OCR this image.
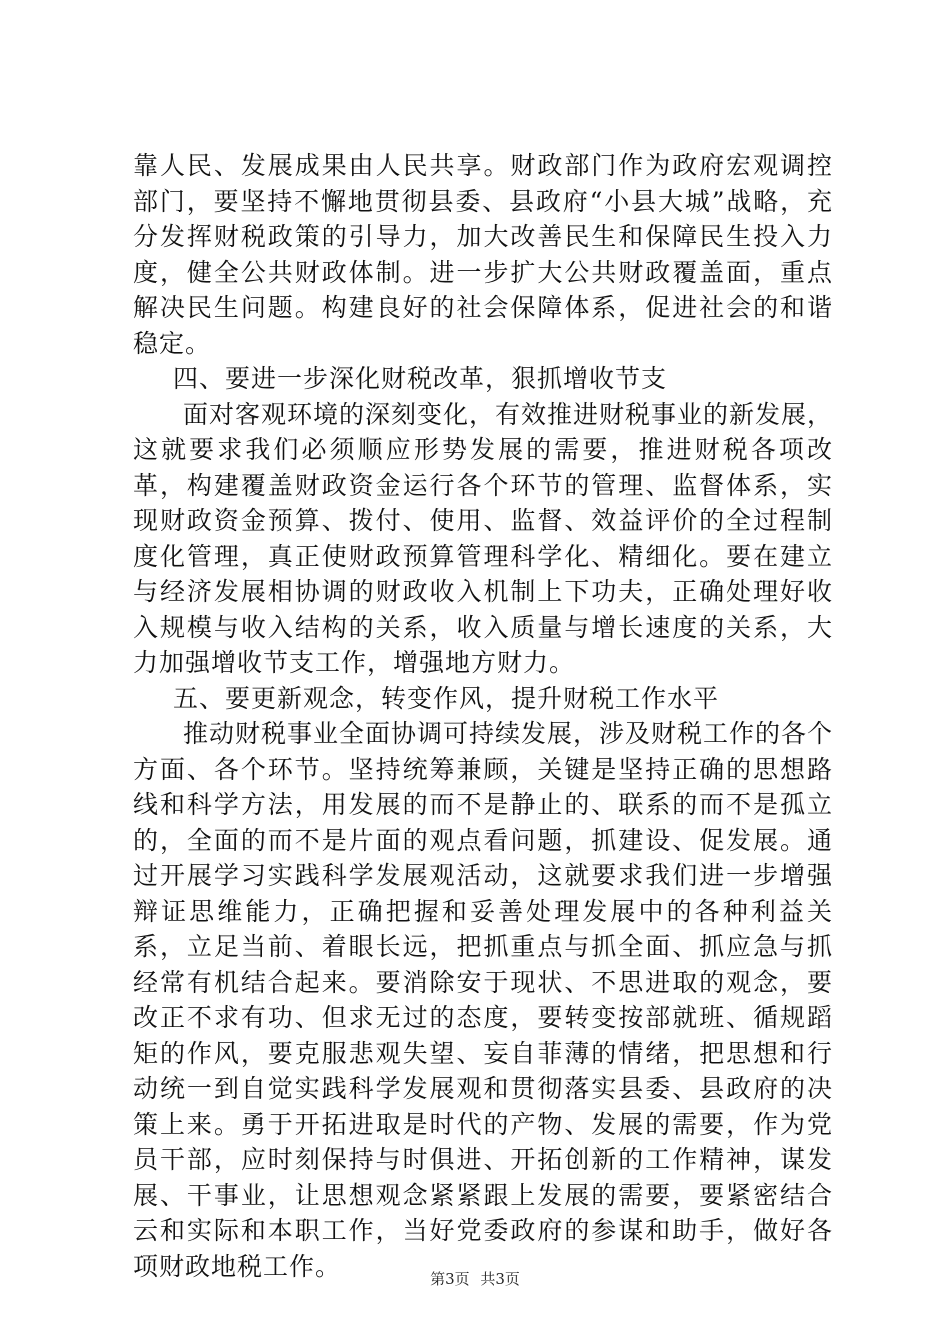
靠人民、发展成果由人民共享。财政部门作为政府宏观调控部门，要坚持不懈地贯彻县委、县政府“小县大城”战略，充分发挥财税政策的引导力，加大改善民生和保障民生投入力度，健全公共财政体制。进一步扩大公共财政覆盖面，重点解决民生问题。构建良好的社会保障体系，促进社会的和谐稳定。

四、要进一步深化财税改革，狠抓增收节支

面对客观环境的深刻变化，有效推进财税事业的新发展，这就要求我们必须顺应形势发展的需要，推进财税各项改革，构建覆盖财政资金运行各个环节的管理、监督体系，实现财政资金预算、拨付、使用、监督、效益评价的全过程制度化管理，真正使财政预算管理科学化、精细化。要在建立与经济发展相协调的财政收入机制上下功夫，正确处理好收入规模与收入结构的关系，收入质量与增长速度的关系，大力加强增收节支工作，增强地方财力。

五、要更新观念，转变作风，提升财税工作水平

推动财税事业全面协调可持续发展，涉及财税工作的各个方面、各个环节。坚持统筹兼顾，关键是坚持正确的思想路线和科学方法，用发展的而不是静止的、联系的而不是孤立的，全面的而不是片面的观点看问题，抓建设、促发展。通过开展学习实践科学发展观活动，这就要求我们进一步增强辩证思维能力，正确把握和妥善处理发展中的各种利益关系，立足当前、着眼长远，把抓重点与抓全面、抓应急与抓经常有机结合起来。要消除安于现状、不思进取的观念，要改正不求有功、但求无过的态度，要转变按部就班、循规蹈矩的作风，要克服悲观失望、妄自菲薄的情绪，把思想和行动统一到自觉实践科学发展观和贯彻落实县委、县政府的决策上来。勇于开拓进取是时代的产物、发展的需要，作为党员干部，应时刻保持与时俱进、开拓创新的工作精神，谋发展、干事业，让思想观念紧紧跟上发展的需要，要紧密结合云和实际和本职工作，当好党委政府的参谋和助手，做好各项财政地税工作。	第3页 共3页
